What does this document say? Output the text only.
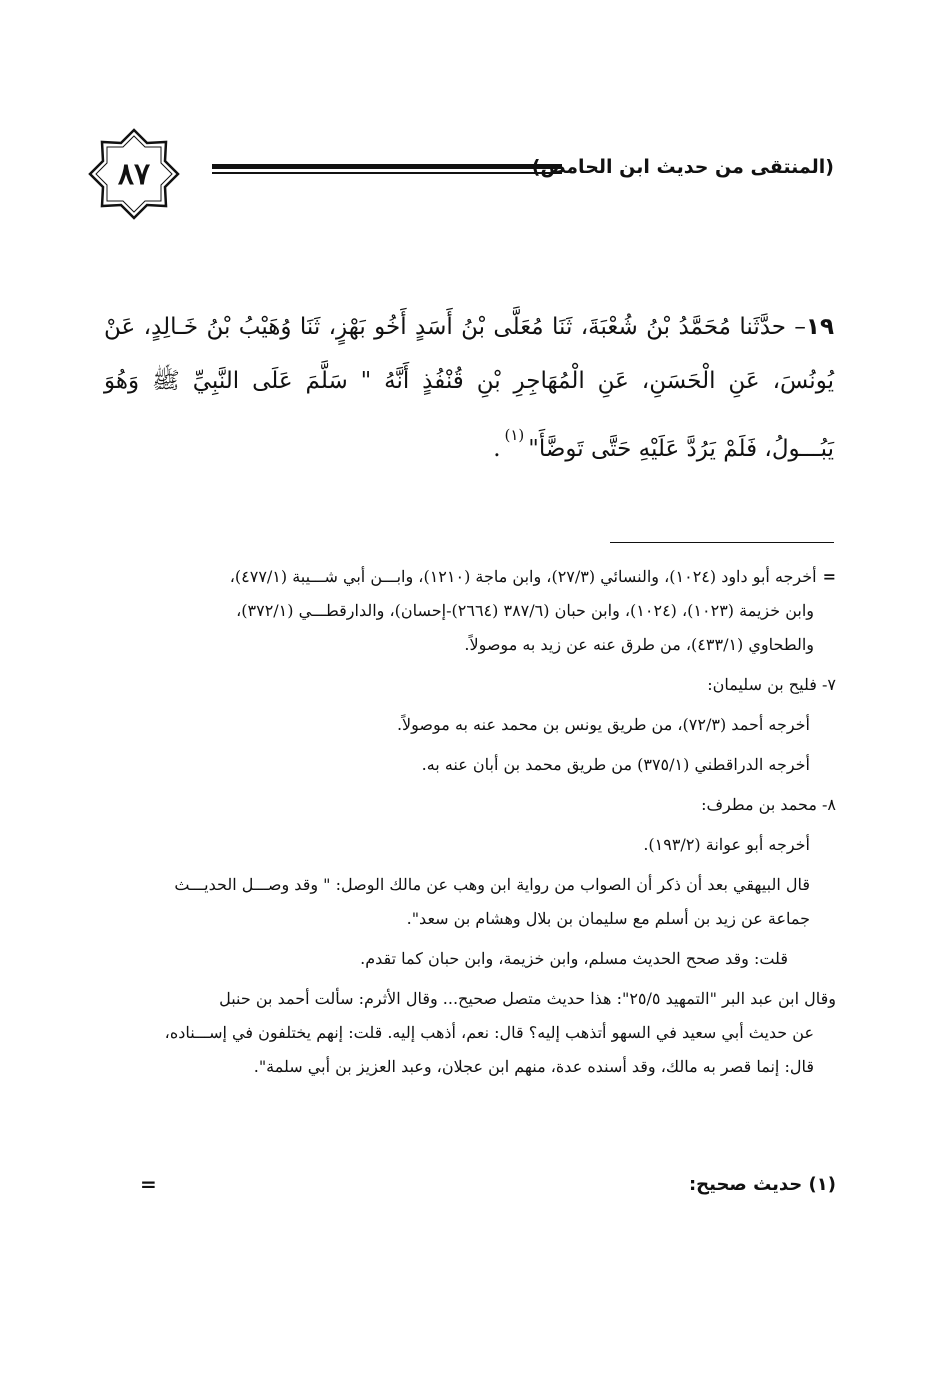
٨٧	(المنتقى من حديث ابن الحامض)
١٩– حدَّثَنا مُحَمَّدُ بْنُ شُعْبَةَ، ثَنَا مُعَلَّى بْنُ أَسَدٍ أَخُو بَهْزٍ، ثَنَا وُهَيْبُ بْنُ خَـالِدٍ، عَنْ يُونُسَ، عَنِ الْحَسَنِ، عَنِ الْمُهَاجِرِ بْنِ قُنْفُذٍ أَنَّهُ " سَلَّمَ عَلَى النَّبِيِّ ﷺ وَهُوَ يَبُـــولُ، فَلَمْ يَرُدَّ عَلَيْهِ حَتَّى تَوضَّأَ"$^{(١)}$.

=أخرجه أبو داود (١٠٢٤)، والنسائي (٢٧/٣)، وابن ماجة (١٢١٠)، وابـــن أبي شـــيبة (٤٧٧/١)،

وابن خزيمة (١٠٢٣)، (١٠٢٤)، وابن حبان (٣٨٧/٦ (٢٦٦٤)-إحسان)، والدارقطـــي (٣٧٢/١)،

والطحاوي (٤٣٣/١)، من طرق عنه عن زيد به موصولاً.

٧- فليح بن سليمان:

أخرجه أحمد (٧٢/٣)، من طريق يونس بن محمد عنه به موصولاً.

أخرجه الدراقطني (٣٧٥/١) من طريق محمد بن أبان عنه به.

٨- محمد بن مطرف:

أخرجه أبو عوانة (١٩٣/٢).

قال البيهقي بعد أن ذكر أن الصواب من رواية ابن وهب عن مالك الوصل: " وقد وصـــل الحديـــث

جماعة عن زيد بن أسلم مع سليمان بن بلال وهشام بن سعد".

قلت: وقد صحح الحديث مسلم، وابن خزيمة، وابن حبان كما تقدم.

وقال ابن عبد البر "التمهيد ٢٥/٥": هذا حديث متصل صحيح... وقال الأثرم: سألت أحمد بن حنبل

عن حديث أبي سعيد في السهو أتذهب إليه؟ قال: نعم، أذهب إليه. قلت: إنهم يختلفون في إســـناده،

قال: إنما قصر به مالك، وقد أسنده عدة، منهم ابن عجلان، وعبد العزيز بن أبي سلمة".

(١) حديث صحيح:
=
